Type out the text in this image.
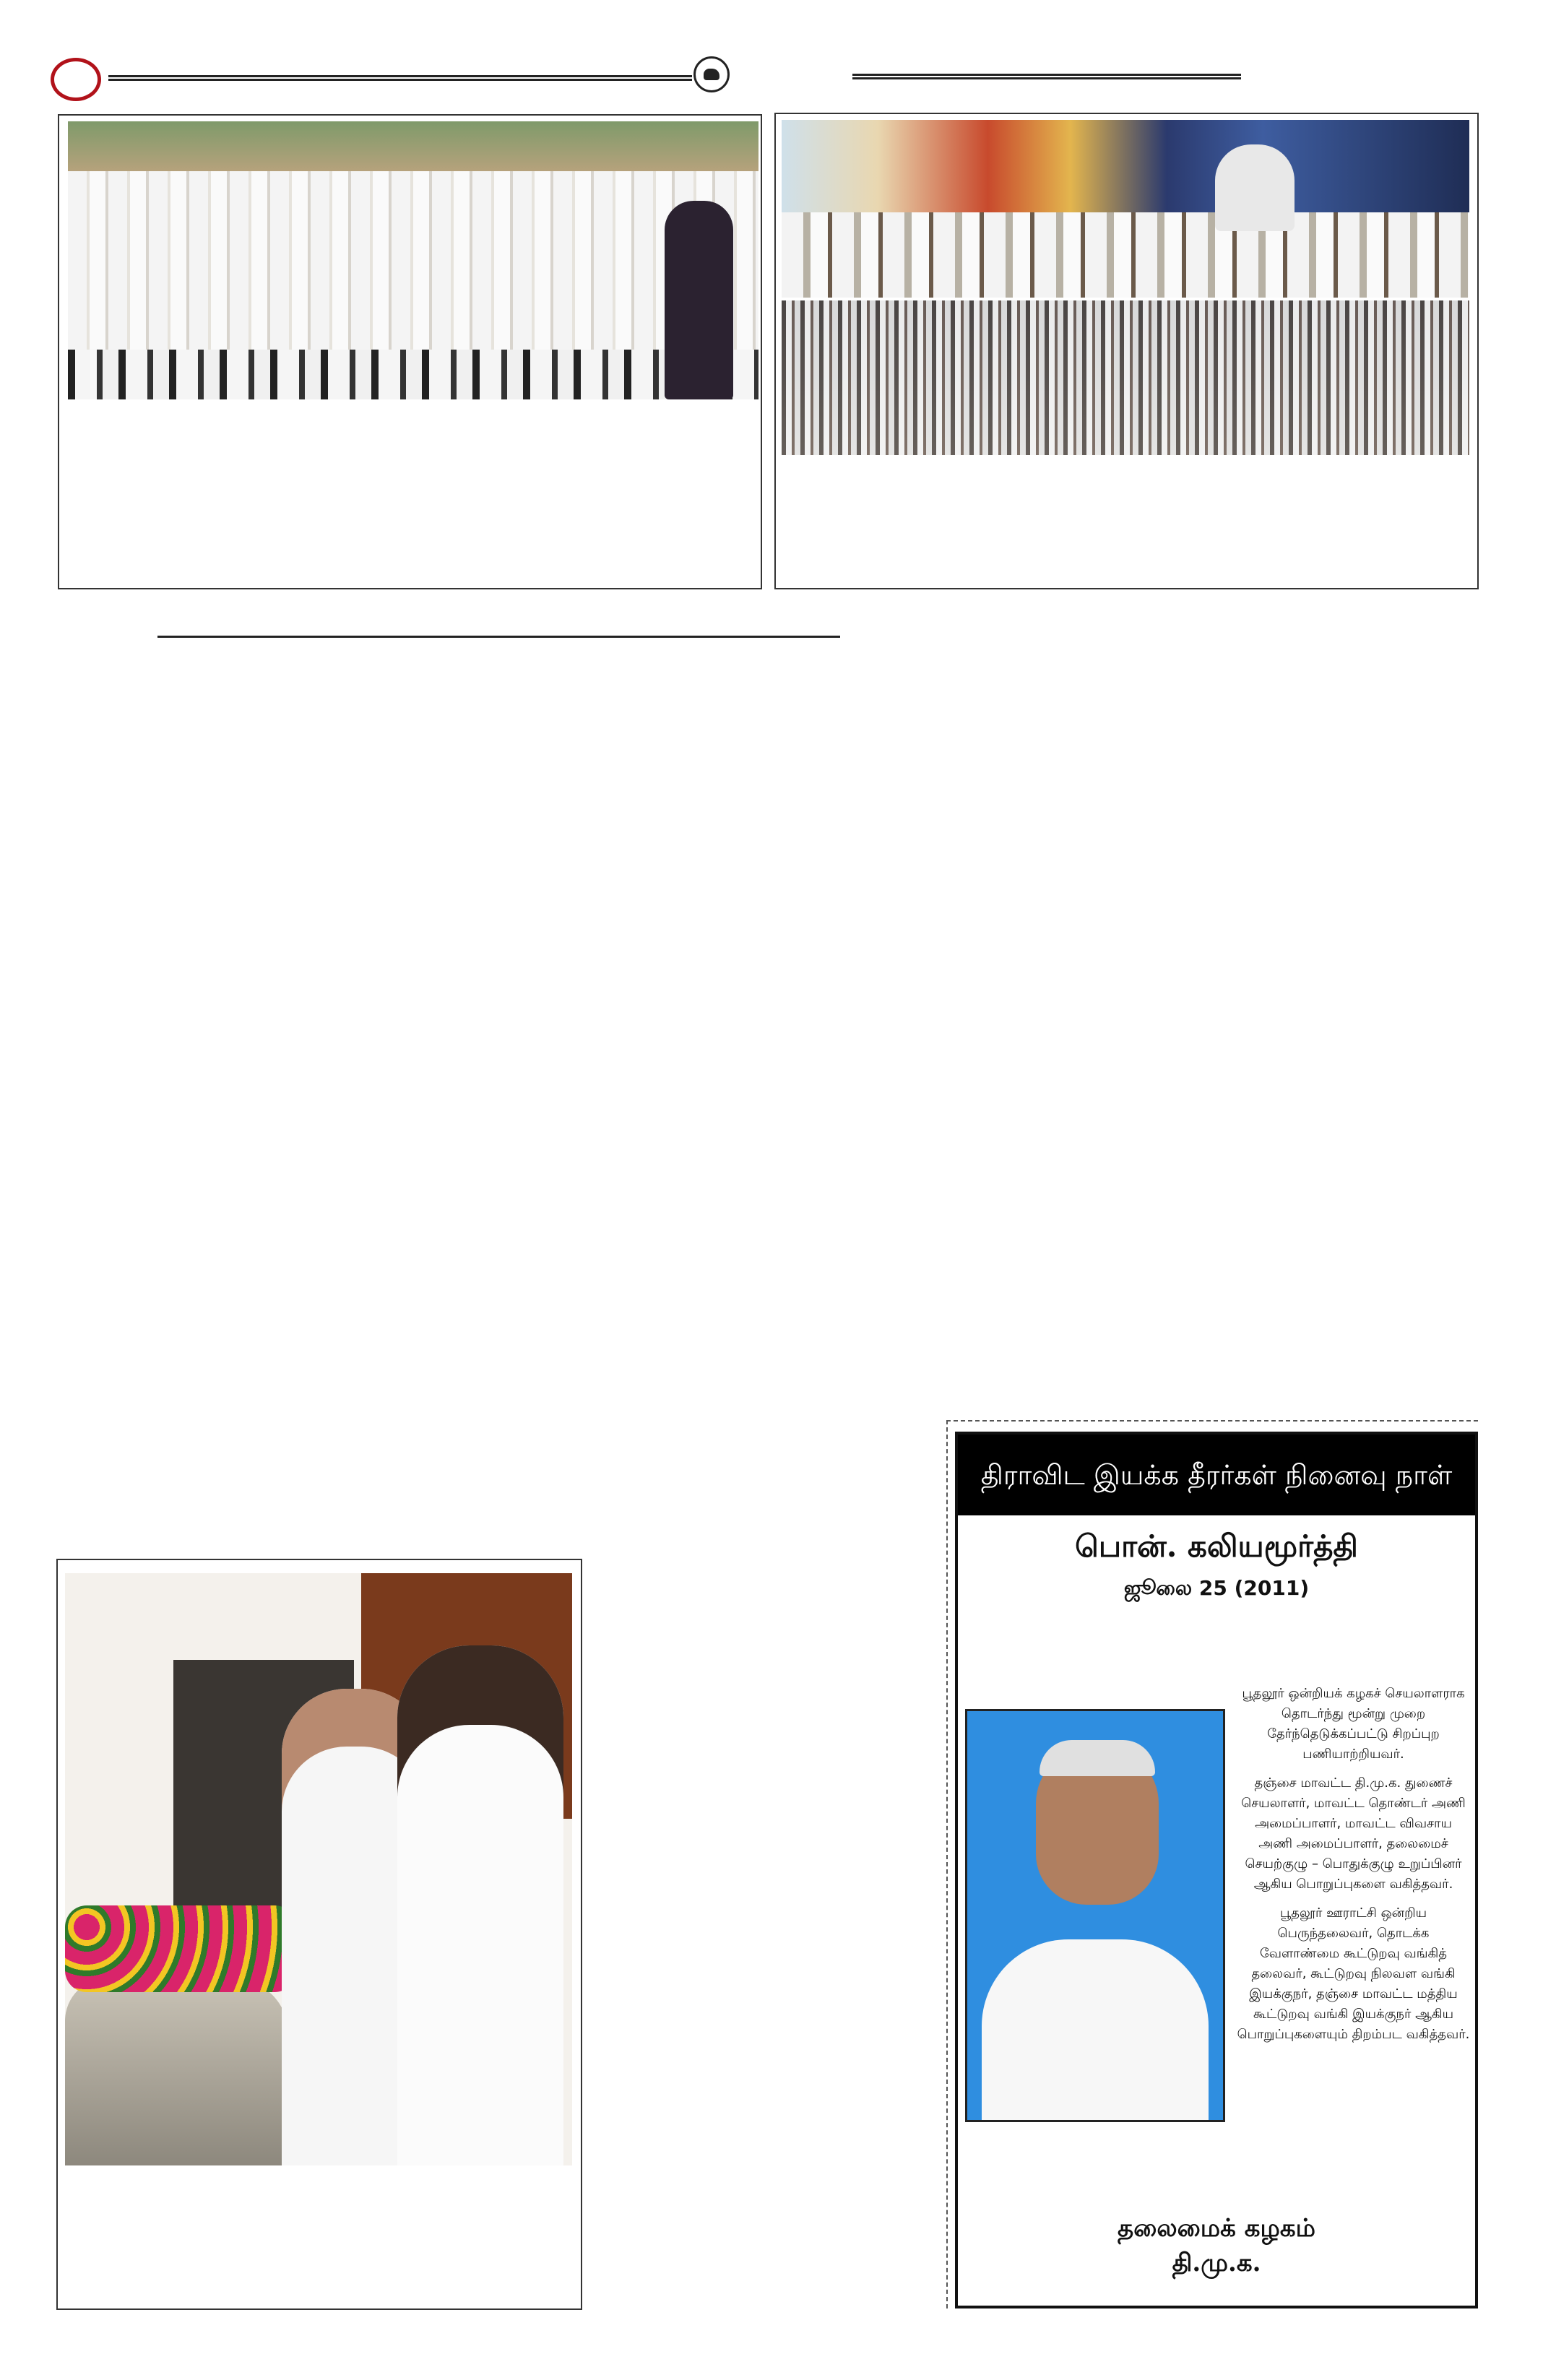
திராவிட இயக்க தீரர்கள் நினைவு நாள்
பொன். கலியமூர்த்தி
ஜூலை 25 (2011)

பூதலூர் ஒன்றியக் கழகச் செயலாளராக தொடர்ந்து மூன்று முறை தேர்ந்தெடுக்கப்பட்டு சிறப்புற பணியாற்றியவர்.

தஞ்சை மாவட்ட தி.மு.க. துணைச் செயலாளர், மாவட்ட தொண்டர் அணி அமைப்பாளர், மாவட்ட விவசாய அணி அமைப்பாளர், தலைமைச் செயற்குழு – பொதுக்குழு உறுப்பினர் ஆகிய பொறுப்புகளை வகித்தவர்.

பூதலூர் ஊராட்சி ஒன்றிய பெருந்தலைவர், தொடக்க வேளாண்மை கூட்டுறவு வங்கித் தலைவர், கூட்டுறவு நிலவள வங்கி இயக்குநர், தஞ்சை மாவட்ட மத்திய கூட்டுறவு வங்கி இயக்குநர் ஆகிய பொறுப்புகளையும் திறம்பட வகித்தவர்.

தலைமைக் கழகம்
தி.மு.க.
